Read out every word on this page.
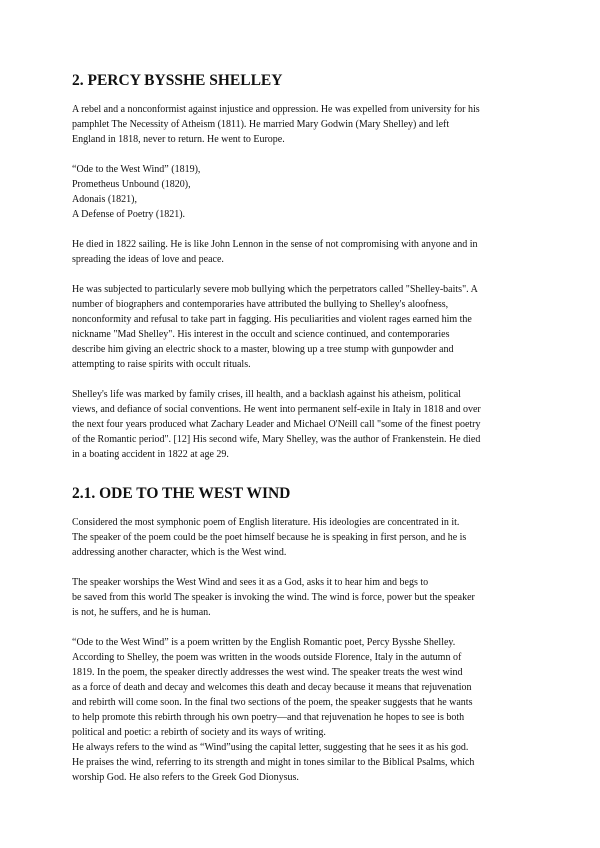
2. PERCY BYSSHE SHELLEY

A rebel and a nonconformist against injustice and oppression. He was expelled from university for his
pamphlet The Necessity of Atheism (1811). He married Mary Godwin (Mary Shelley) and left
England in 1818, never to return. He went to Europe.

“Ode to the West Wind” (1819),
Prometheus Unbound (1820),
Adonais (1821),
A Defense of Poetry (1821).

He died in 1822 sailing. He is like John Lennon in the sense of not compromising with anyone and in
spreading the ideas of love and peace.

He was subjected to particularly severe mob bullying which the perpetrators called "Shelley-baits". A
number of biographers and contemporaries have attributed the bullying to Shelley's aloofness,
nonconformity and refusal to take part in fagging. His peculiarities and violent rages earned him the
nickname "Mad Shelley". His interest in the occult and science continued, and contemporaries
describe him giving an electric shock to a master, blowing up a tree stump with gunpowder and
attempting to raise spirits with occult rituals.

Shelley's life was marked by family crises, ill health, and a backlash against his atheism, political
views, and defiance of social conventions. He went into permanent self-exile in Italy in 1818 and over
the next four years produced what Zachary Leader and Michael O'Neill call "some of the finest poetry
of the Romantic period". [12] His second wife, Mary Shelley, was the author of Frankenstein. He died
in a boating accident in 1822 at age 29.

2.1. ODE TO THE WEST WIND

Considered the most symphonic poem of English literature. His ideologies are concentrated in it.
The speaker of the poem could be the poet himself because he is speaking in first person, and he is
addressing another character, which is the West wind.

The speaker worships the West Wind and sees it as a God, asks it to hear him and begs to
be saved from this world The speaker is invoking the wind. The wind is force, power but the speaker
is not, he suffers, and he is human.

“Ode to the West Wind” is a poem written by the English Romantic poet, Percy Bysshe Shelley.
According to Shelley, the poem was written in the woods outside Florence, Italy in the autumn of
1819. In the poem, the speaker directly addresses the west wind. The speaker treats the west wind
as a force of death and decay and welcomes this death and decay because it means that rejuvenation
and rebirth will come soon. In the final two sections of the poem, the speaker suggests that he wants
to help promote this rebirth through his own poetry—and that rejuvenation he hopes to see is both
political and poetic: a rebirth of society and its ways of writing.
He always refers to the wind as “Wind”using the capital letter, suggesting that he sees it as his god.
He praises the wind, referring to its strength and might in tones similar to the Biblical Psalms, which
worship God. He also refers to the Greek God Dionysus.
